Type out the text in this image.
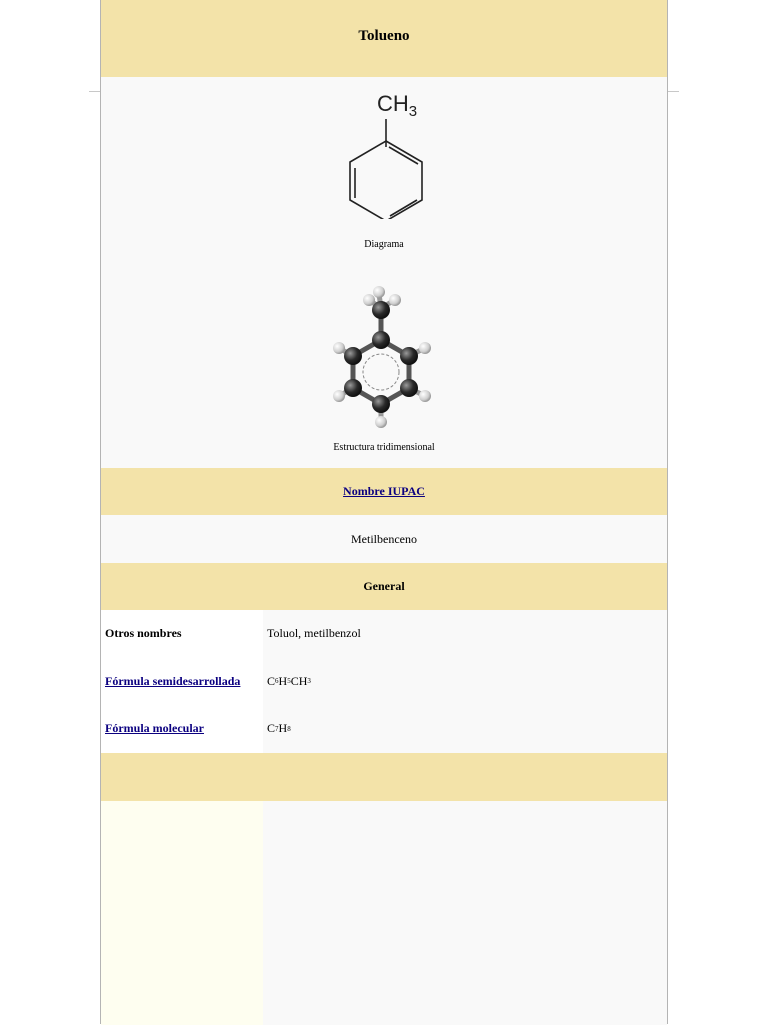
Tolueno
$CH_3$
Diagrama
Estructura tridimensional
Nombre IUPAC
Metilbenceno
General
Otros nombres	Toluol, metilbenzol
Fórmula semidesarrollada C 6 H 5 CH 3
Fórmula molecular	C 7 H 8
